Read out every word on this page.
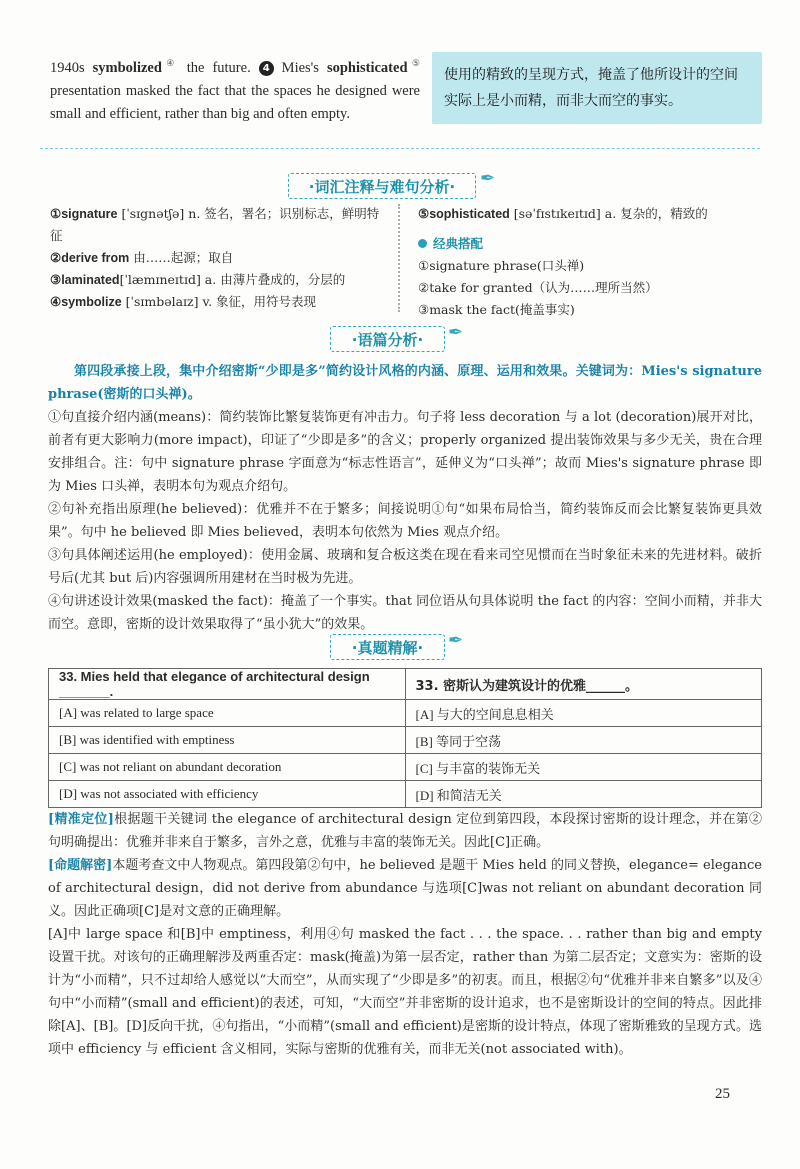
1940s symbolized④ the future. 4 Mies's sophisticated⑤ presentation masked the fact that the spaces he designed were small and efficient, rather than big and often empty.
使用的精致的呈现方式，掩盖了他所设计的空间实际上是小而精，而非大而空的事实。
·词汇注释与难句分析·	✒
①signature [ˈsɪgnətʃə] n. 签名，署名；识别标志，鲜明特征
②derive from 由……起源；取自
③laminated[ˈlæmɪneɪtɪd] a. 由薄片叠成的，分层的
④symbolize [ˈsɪmbəlaɪz] v. 象征，用符号表现
⑤sophisticated [səˈfɪstɪkeɪtɪd] a. 复杂的，精致的
经典搭配
①signature phrase(口头禅)
②take for granted（认为……理所当然）
③mask the fact(掩盖事实)
·语篇分析·	✒
第四段承接上段，集中介绍密斯“少即是多”简约设计风格的内涵、原理、运用和效果。关键词为：Mies's signature phrase(密斯的口头禅)。
①句直接介绍内涵(means)：简约装饰比繁复装饰更有冲击力。句子将 less decoration 与 a lot (decoration)展开对比，前者有更大影响力(more impact)，印证了“少即是多”的含义；properly organized 提出装饰效果与多少无关，贵在合理安排组合。注：句中 signature phrase 字面意为“标志性语言”，延伸义为“口头禅”；故而 Mies's signature phrase 即为 Mies 口头禅，表明本句为观点介绍句。
②句补充指出原理(he believed)：优雅并不在于繁多；间接说明①句“如果布局恰当，简约装饰反而会比繁复装饰更具效果”。句中 he believed 即 Mies believed，表明本句依然为 Mies 观点介绍。
③句具体阐述运用(he employed)：使用金属、玻璃和复合板这类在现在看来司空见惯而在当时象征未来的先进材料。破折号后(尤其 but 后)内容强调所用建材在当时极为先进。
④句讲述设计效果(masked the fact)：掩盖了一个事实。that 同位语从句具体说明 the fact 的内容：空间小而精，并非大而空。意即，密斯的设计效果取得了“虽小犹大”的效果。
·真题精解·	✒
33. Mies held that elegance of architectural design _______.	33. 密斯认为建筑设计的优雅______。
[A] was related to large space	[A] 与大的空间息息相关
[B] was identified with emptiness	[B] 等同于空荡
[C] was not reliant on abundant decoration	[C] 与丰富的装饰无关
[D] was not associated with efficiency	[D] 和简洁无关
[精准定位]根据题干关键词 the elegance of architectural design 定位到第四段，本段探讨密斯的设计理念，并在第②句明确提出：优雅并非来自于繁多，言外之意，优雅与丰富的装饰无关。因此[C]正确。
[命题解密]本题考查文中人物观点。第四段第②句中，he believed 是题干 Mies held 的同义替换，elegance= elegance of architectural design，did not derive from abundance 与选项[C]was not reliant on abundant decoration 同义。因此正确项[C]是对文意的正确理解。
[A]中 large space 和[B]中 emptiness，利用④句 masked the fact . . . the space. . . rather than big and empty 设置干扰。对该句的正确理解涉及两重否定：mask(掩盖)为第一层否定，rather than 为第二层否定；文意实为：密斯的设计为“小而精”，只不过却给人感觉以“大而空”，从而实现了“少即是多”的初衷。而且，根据②句“优雅并非来自繁多”以及④句中“小而精”(small and efficient)的表述，可知，“大而空”并非密斯的设计追求，也不是密斯设计的空间的特点。因此排除[A]、[B]。[D]反向干扰，④句指出，“小而精”(small and efficient)是密斯的设计特点，体现了密斯雅致的呈现方式。选项中 efficiency 与 efficient 含义相同，实际与密斯的优雅有关，而非无关(not associated with)。
25
